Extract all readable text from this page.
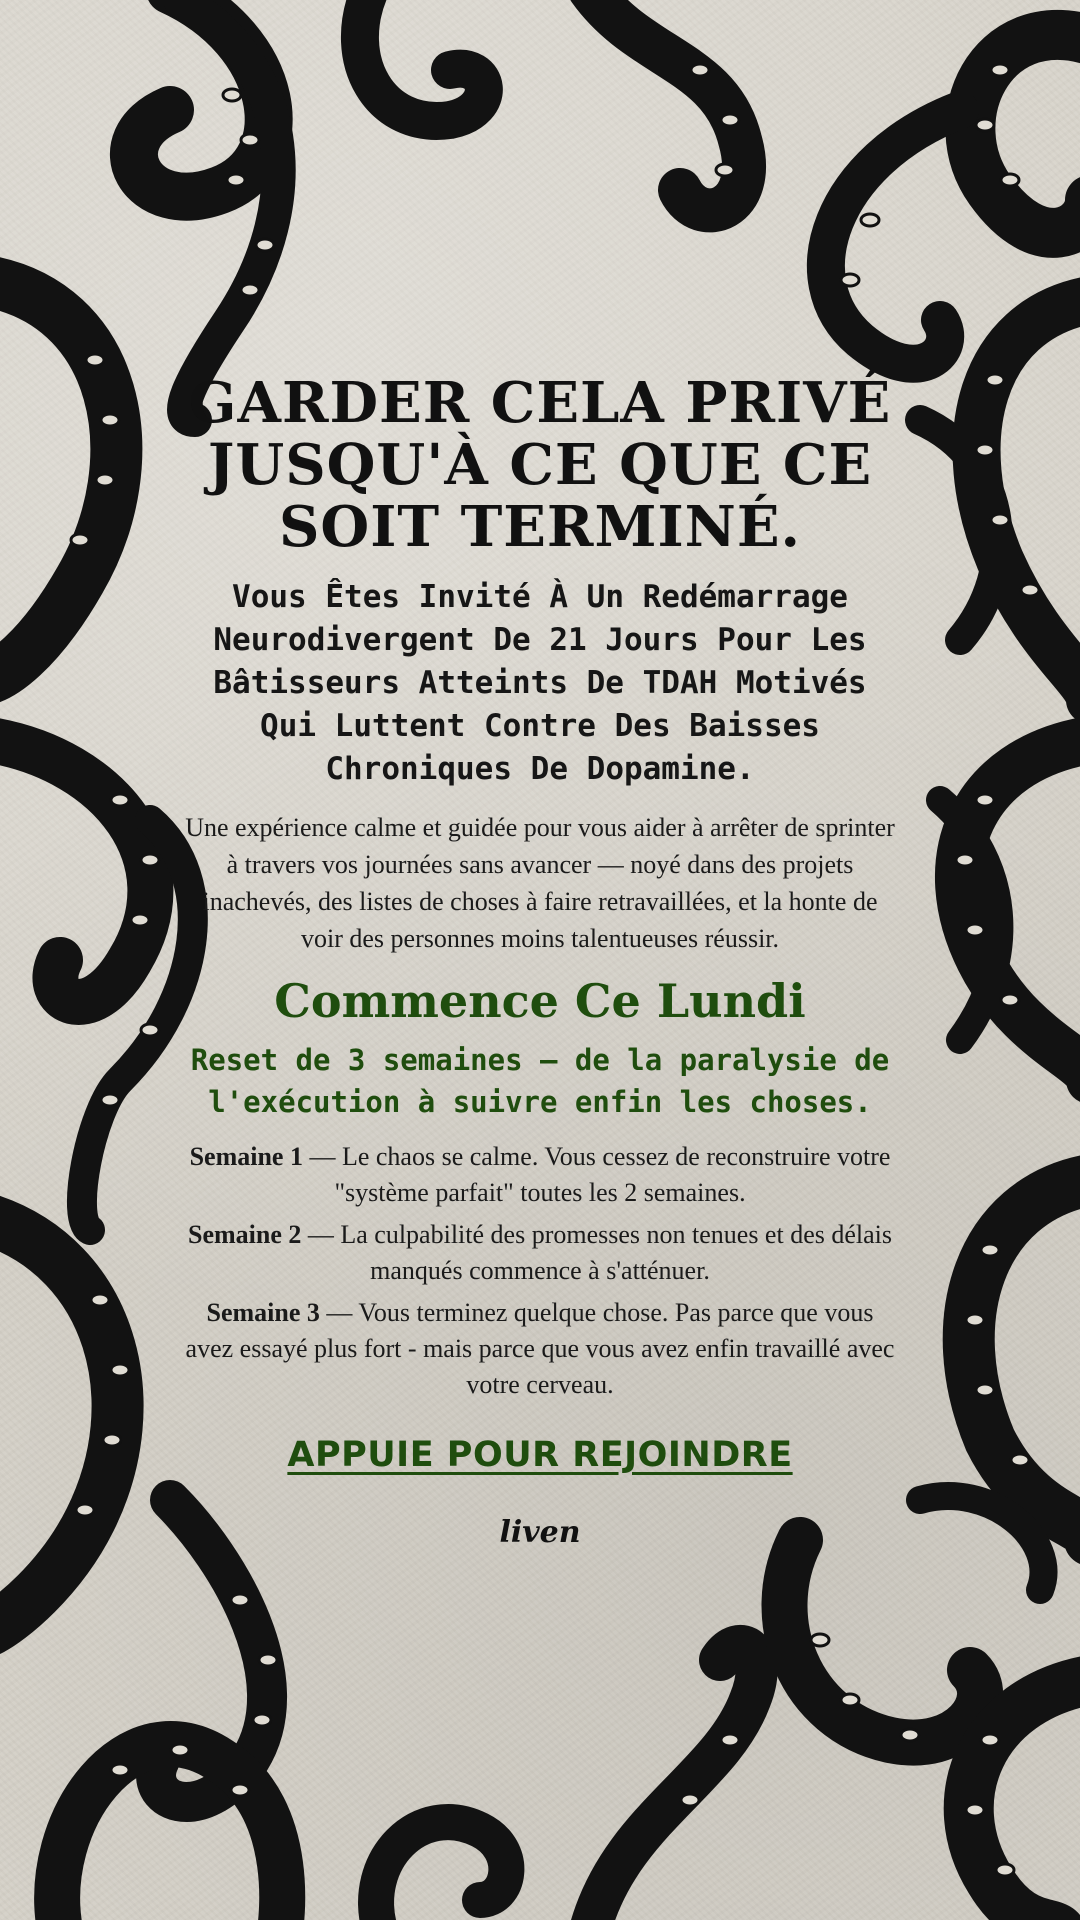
GARDER CELA PRIVÉ JUSQU'À CE QUE CE SOIT TERMINÉ.

Vous Êtes Invité À Un Redémarrage Neurodivergent De 21 Jours Pour Les Bâtisseurs Atteints De TDAH Motivés Qui Luttent Contre Des Baisses Chroniques De Dopamine.

Une expérience calme et guidée pour vous aider à arrêter de sprinter à travers vos journées sans avancer — noyé dans des projets inachevés, des listes de choses à faire retravaillées, et la honte de voir des personnes moins talentueuses réussir.

Commence Ce Lundi

Reset de 3 semaines — de la paralysie de l'exécution à suivre enfin les choses.

Semaine 1 — Le chaos se calme. Vous cessez de reconstruire votre "système parfait" toutes les 2 semaines.

Semaine 2 — La culpabilité des promesses non tenues et des délais manqués commence à s'atténuer.

Semaine 3 — Vous terminez quelque chose. Pas parce que vous avez essayé plus fort - mais parce que vous avez enfin travaillé avec votre cerveau.

APPUIE POUR REJOINDRE
liven
